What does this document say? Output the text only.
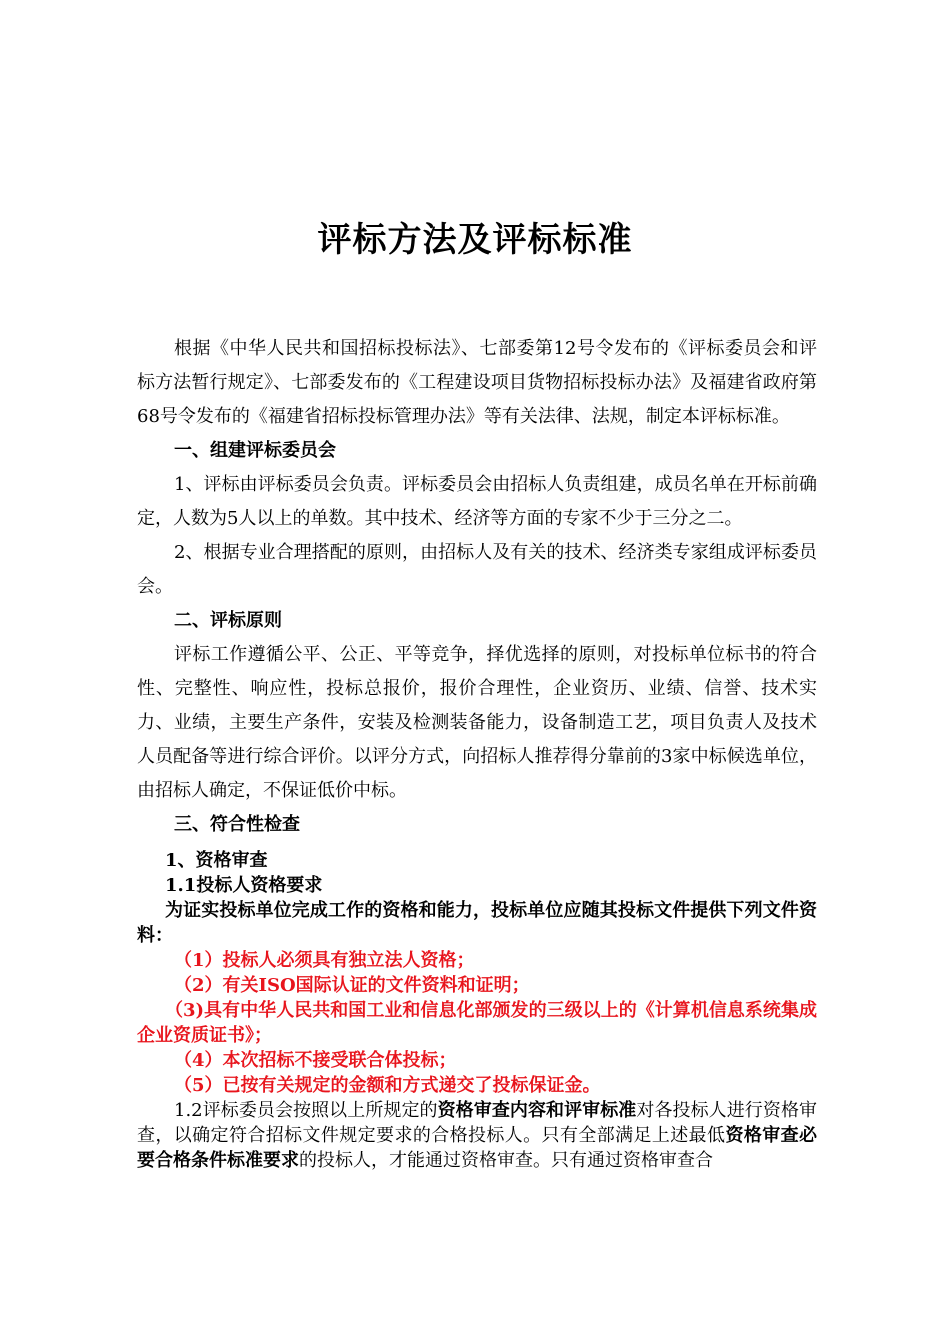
评标方法及评标标准

根据《中华人民共和国招标投标法》、七部委第12号令发布的《评标委员会和评标方法暂行规定》、七部委发布的《工程建设项目货物招标投标办法》及福建省政府第68号令发布的《福建省招标投标管理办法》等有关法律、法规，制定本评标标准。

一、组建评标委员会

1、评标由评标委员会负责。评标委员会由招标人负责组建，成员名单在开标前确定，人数为5人以上的单数。其中技术、经济等方面的专家不少于三分之二。

2、根据专业合理搭配的原则，由招标人及有关的技术、经济类专家组成评标委员会。

二、评标原则

评标工作遵循公平、公正、平等竞争，择优选择的原则，对投标单位标书的符合性、完整性、响应性，投标总报价，报价合理性，企业资历、业绩、信誉、技术实力、业绩，主要生产条件，安装及检测装备能力，设备制造工艺，项目负责人及技术人员配备等进行综合评价。以评分方式，向招标人推荐得分靠前的3家中标候选单位，由招标人确定，不保证低价中标。

三、符合性检查

1、资格审查

1.1投标人资格要求

为证实投标单位完成工作的资格和能力，投标单位应随其投标文件提供下列文件资料：

（1）投标人必须具有独立法人资格；

（2）有关ISO国际认证的文件资料和证明；

（3)具有中华人民共和国工业和信息化部颁发的三级以上的《计算机信息系统集成企业资质证书》；

（4）本次招标不接受联合体投标；

（5）已按有关规定的金额和方式递交了投标保证金。

1.2评标委员会按照以上所规定的资格审查内容和评审标准对各投标人进行资格审查，以确定符合招标文件规定要求的合格投标人。只有全部满足上述最低资格审查必要合格条件标准要求的投标人，才能通过资格审查。只有通过资格审查合
